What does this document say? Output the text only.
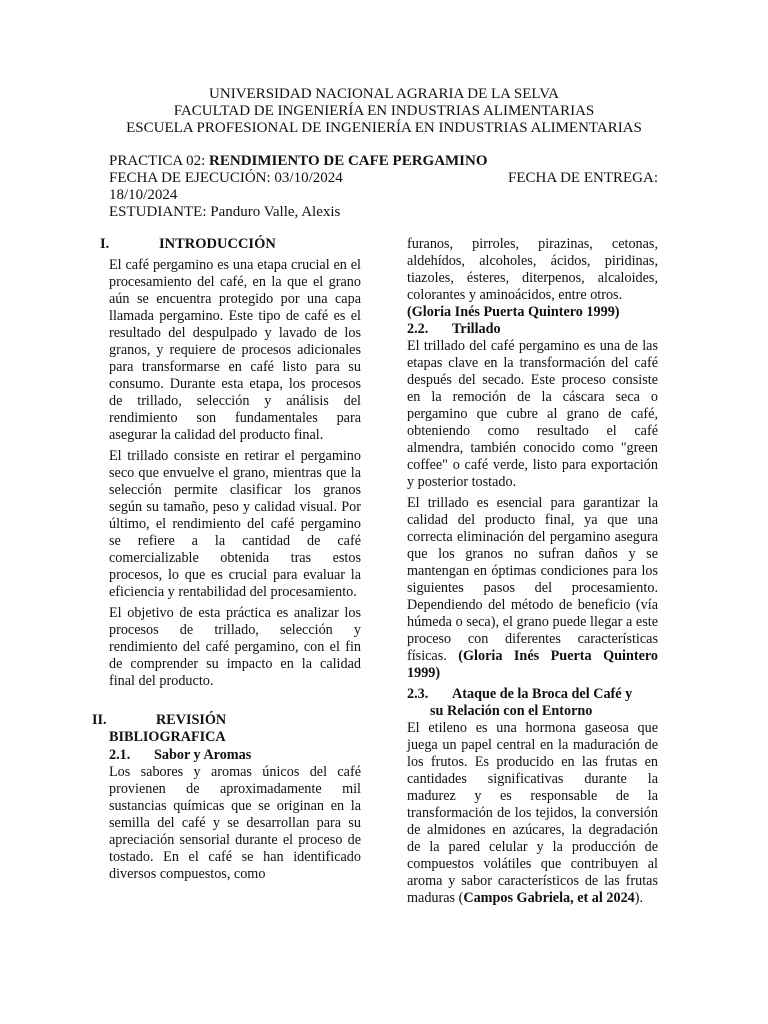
UNIVERSIDAD NACIONAL AGRARIA DE LA SELVA
FACULTAD DE INGENIERÍA EN INDUSTRIAS ALIMENTARIAS
ESCUELA PROFESIONAL DE INGENIERÍA EN INDUSTRIAS ALIMENTARIAS
PRACTICA 02: RENDIMIENTO DE CAFE PERGAMINO
FECHA DE EJECUCIÓN: 03/10/2024	FECHA DE ENTREGA:
18/10/2024
ESTUDIANTE: Panduro Valle, Alexis
I.	INTRODUCCIÓN

El café pergamino es una etapa crucial en el procesamiento del café, en la que el grano aún se encuentra protegido por una capa llamada pergamino. Este tipo de café es el resultado del despulpado y lavado de los granos, y requiere de procesos adicionales para transformarse en café listo para su consumo. Durante esta etapa, los procesos de trillado, selección y análisis del rendimiento son fundamentales para asegurar la calidad del producto final.

El trillado consiste en retirar el pergamino seco que envuelve el grano, mientras que la selección permite clasificar los granos según su tamaño, peso y calidad visual. Por último, el rendimiento del café pergamino se refiere a la cantidad de café comercializable obtenida tras estos procesos, lo que es crucial para evaluar la eficiencia y rentabilidad del procesamiento.

El objetivo de esta práctica es analizar los procesos de trillado, selección y rendimiento del café pergamino, con el fin de comprender su impacto en la calidad final del producto.

II.	REVISIÓN
BIBLIOGRAFICA
2.1. Sabor y Aromas

Los sabores y aromas únicos del café provienen de aproximadamente mil sustancias químicas que se originan en la semilla del café y se desarrollan para su apreciación sensorial durante el proceso de tostado. En el café se han identificado diversos compuestos, como

furanos, pirroles, pirazinas, cetonas, aldehídos, alcoholes, ácidos, piridinas, tiazoles, ésteres, diterpenos, alcaloides, colorantes y aminoácidos, entre otros.

(Gloria Inés Puerta Quintero 1999)
2.2. Trillado

El trillado del café pergamino es una de las etapas clave en la transformación del café después del secado. Este proceso consiste en la remoción de la cáscara seca o pergamino que cubre al grano de café, obteniendo como resultado el café almendra, también conocido como "green coffee" o café verde, listo para exportación y posterior tostado.

El trillado es esencial para garantizar la calidad del producto final, ya que una correcta eliminación del pergamino asegura que los granos no sufran daños y se mantengan en óptimas condiciones para los siguientes pasos del procesamiento. Dependiendo del método de beneficio (vía húmeda o seca), el grano puede llegar a este proceso con diferentes características físicas. (Gloria Inés Puerta Quintero 1999)

2.3. Ataque de la Broca del Café y
su Relación con el Entorno

El etileno es una hormona gaseosa que juega un papel central en la maduración de los frutos. Es producido en las frutas en cantidades significativas durante la madurez y es responsable de la transformación de los tejidos, la conversión de almidones en azúcares, la degradación de la pared celular y la producción de compuestos volátiles que contribuyen al aroma y sabor característicos de las frutas maduras (Campos Gabriela, et al 2024).
